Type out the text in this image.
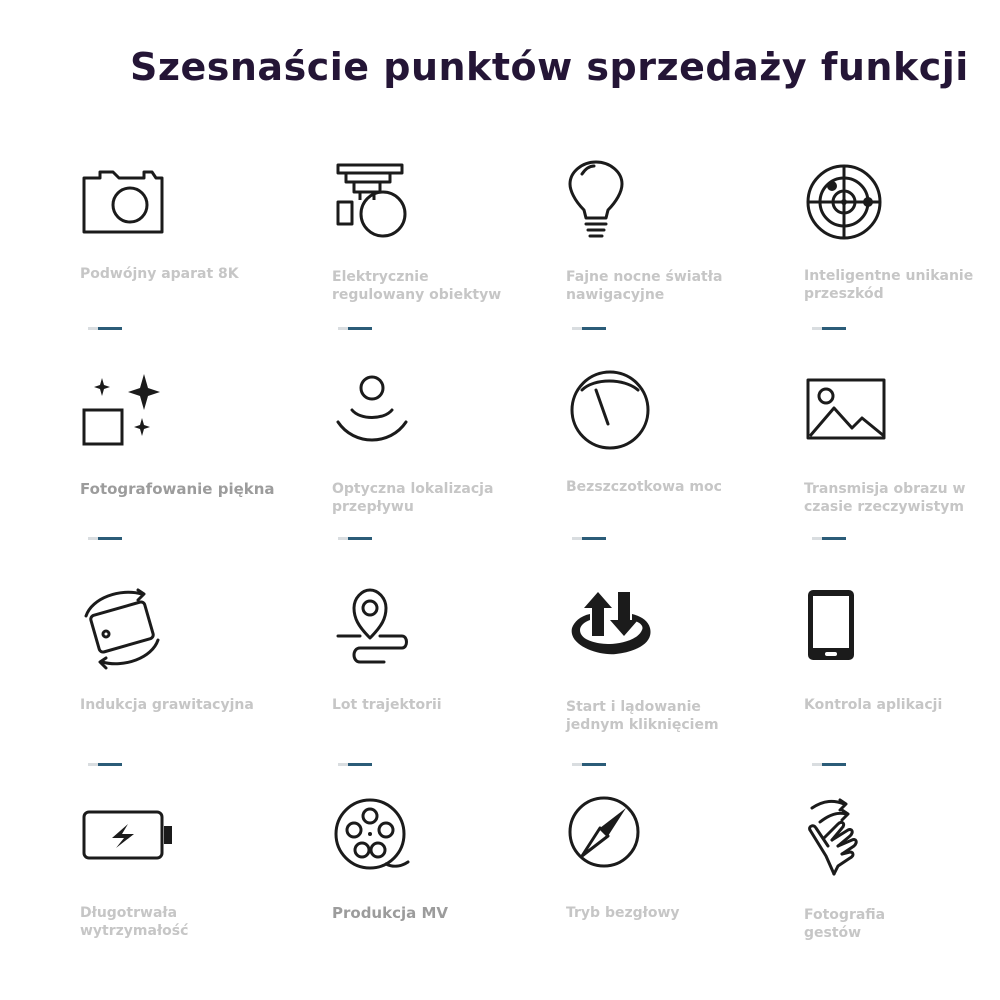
Szesnaście punktów sprzedaży funkcji
Podwójny aparat 8K	Elektrycznie
regulowany obiektyw
Fajne nocne światła
nawigacyjne
Inteligentne unikanie
przeszkód
Fotografowanie piękna	Optyczna lokalizacja
przepływu
Bezszczotkowa moc	Transmisja obrazu w
czasie rzeczywistym
Indukcja grawitacyjna	Lot trajektorii	Start i lądowanie
jednym kliknięciem
Kontrola aplikacji
Długotrwała
wytrzymałość
Produkcja MV	Tryb bezgłowy	Fotografia
gestów
